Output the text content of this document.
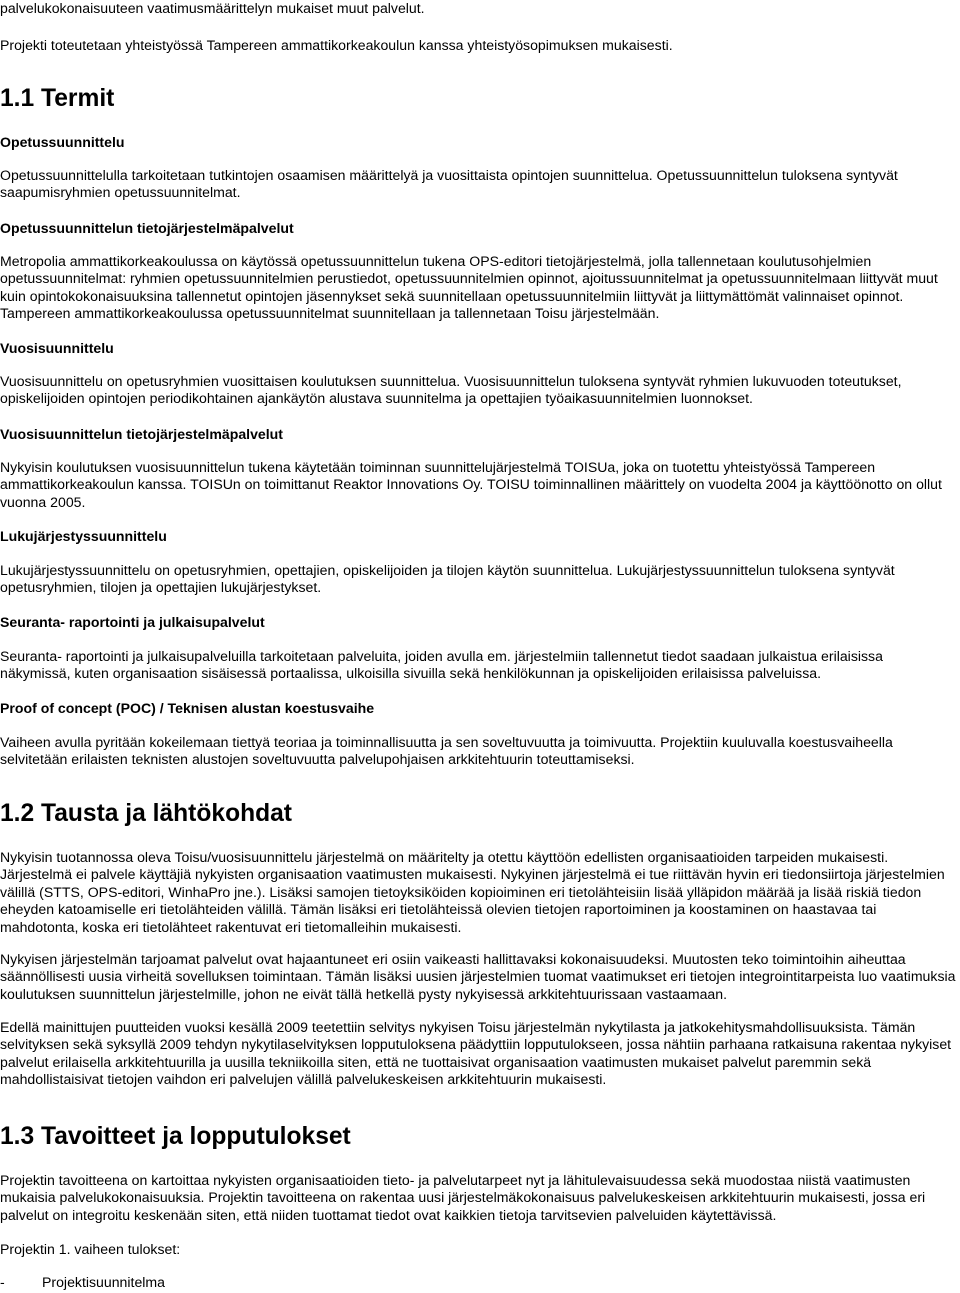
palvelukokonaisuuteen vaatimusmäärittelyn mukaiset muut palvelut.

Projekti toteutetaan yhteistyössä Tampereen ammattikorkeakoulun kanssa yhteistyösopimuksen mukaisesti.

1.1 Termit
Opetussuunnittelu

Opetussuunnittelulla tarkoitetaan tutkintojen osaamisen määrittelyä ja vuosittaista opintojen suunnittelua. Opetussuunnittelun tuloksena syntyvät saapumisryhmien opetussuunnitelmat.

Opetussuunnittelun tietojärjestelmäpalvelut

Metropolia ammattikorkeakoulussa on käytössä opetussuunnittelun tukena OPS-editori tietojärjestelmä, jolla tallennetaan koulutusohjelmien opetussuunnitelmat: ryhmien opetussuunnitelmien perustiedot, opetussuunnitelmien opinnot, ajoitussuunnitelmat ja opetussuunnitelmaan liittyvät muut kuin opintokokonaisuuksina tallennetut opintojen jäsennykset sekä suunnitellaan opetussuunnitelmiin liittyvät ja liittymättömät valinnaiset opinnot. Tampereen ammattikorkeakoulussa opetussuunnitelmat suunnitellaan ja tallennetaan Toisu järjestelmään.

Vuosisuunnittelu

Vuosisuunnittelu on opetusryhmien vuosittaisen koulutuksen suunnittelua. Vuosisuunnittelun tuloksena syntyvät ryhmien lukuvuoden toteutukset, opiskelijoiden opintojen periodikohtainen ajankäytön alustava suunnitelma ja opettajien työaikasuunnitelmien luonnokset.

Vuosisuunnittelun tietojärjestelmäpalvelut

Nykyisin koulutuksen vuosisuunnittelun tukena käytetään toiminnan suunnittelujärjestelmä TOISUa, joka on tuotettu yhteistyössä Tampereen ammattikorkeakoulun kanssa. TOISUn on toimittanut Reaktor Innovations Oy. TOISU toiminnallinen määrittely on vuodelta 2004 ja käyttöönotto on ollut vuonna 2005.

Lukujärjestyssuunnittelu

Lukujärjestyssuunnittelu on opetusryhmien, opettajien, opiskelijoiden ja tilojen käytön suunnittelua. Lukujärjestyssuunnittelun tuloksena syntyvät opetusryhmien, tilojen ja opettajien lukujärjestykset.

Seuranta- raportointi ja julkaisupalvelut

Seuranta- raportointi ja julkaisupalveluilla tarkoitetaan palveluita, joiden avulla em. järjestelmiin tallennetut tiedot saadaan julkaistua erilaisissa näkymissä, kuten organisaation sisäisessä portaalissa, ulkoisilla sivuilla sekä henkilökunnan ja opiskelijoiden erilaisissa palveluissa.

Proof of concept (POC) / Teknisen alustan koestusvaihe

Vaiheen avulla pyritään kokeilemaan tiettyä teoriaa ja toiminnallisuutta ja sen soveltuvuutta ja toimivuutta. Projektiin kuuluvalla koestusvaiheella selvitetään erilaisten teknisten alustojen soveltuvuutta palvelupohjaisen arkkitehtuurin toteuttamiseksi.

1.2 Tausta ja lähtökohdat

Nykyisin tuotannossa oleva Toisu/vuosisuunnittelu järjestelmä on määritelty ja otettu käyttöön edellisten organisaatioiden tarpeiden mukaisesti. Järjestelmä ei palvele käyttäjiä nykyisten organisaation vaatimusten mukaisesti. Nykyinen järjestelmä ei tue riittävän hyvin eri tiedonsiirtoja järjestelmien välillä (STTS, OPS-editori, WinhaPro jne.). Lisäksi samojen tietoyksiköiden kopioiminen eri tietolähteisiin lisää ylläpidon määrää ja lisää riskiä tiedon eheyden katoamiselle eri tietolähteiden välillä. Tämän lisäksi eri tietolähteissä olevien tietojen raportoiminen ja koostaminen on haastavaa tai mahdotonta, koska eri tietolähteet rakentuvat eri tietomalleihin mukaisesti.

Nykyisen järjestelmän tarjoamat palvelut ovat hajaantuneet eri osiin vaikeasti hallittavaksi kokonaisuudeksi. Muutosten teko toimintoihin aiheuttaa säännöllisesti uusia virheitä sovelluksen toimintaan. Tämän lisäksi uusien järjestelmien tuomat vaatimukset eri tietojen integrointitarpeista luo vaatimuksia koulutuksen suunnittelun järjestelmille, johon ne eivät tällä hetkellä pysty nykyisessä arkkitehtuurissaan vastaamaan.

Edellä mainittujen puutteiden vuoksi kesällä 2009 teetettiin selvitys nykyisen Toisu järjestelmän nykytilasta ja jatkokehitysmahdollisuuksista. Tämän selvityksen sekä syksyllä 2009 tehdyn nykytilaselvityksen lopputuloksena päädyttiin lopputulokseen, jossa nähtiin parhaana ratkaisuna rakentaa nykyiset palvelut erilaisella arkkitehtuurilla ja uusilla tekniikoilla siten, että ne tuottaisivat organisaation vaatimusten mukaiset palvelut paremmin sekä mahdollistaisivat tietojen vaihdon eri palvelujen välillä palvelukeskeisen arkkitehtuurin mukaisesti.

1.3 Tavoitteet ja lopputulokset

Projektin tavoitteena on kartoittaa nykyisten organisaatioiden tieto- ja palvelutarpeet nyt ja lähitulevaisuudessa sekä muodostaa niistä vaatimusten mukaisia palvelukokonaisuuksia. Projektin tavoitteena on rakentaa uusi järjestelmäkokonaisuus palvelukeskeisen arkkitehtuurin mukaisesti, jossa eri palvelut on integroitu keskenään siten, että niiden tuottamat tiedot ovat kaikkien tietoja tarvitsevien palveluiden käytettävissä.

Projektin 1. vaiheen tulokset:

-	Projektisuunnitelma
